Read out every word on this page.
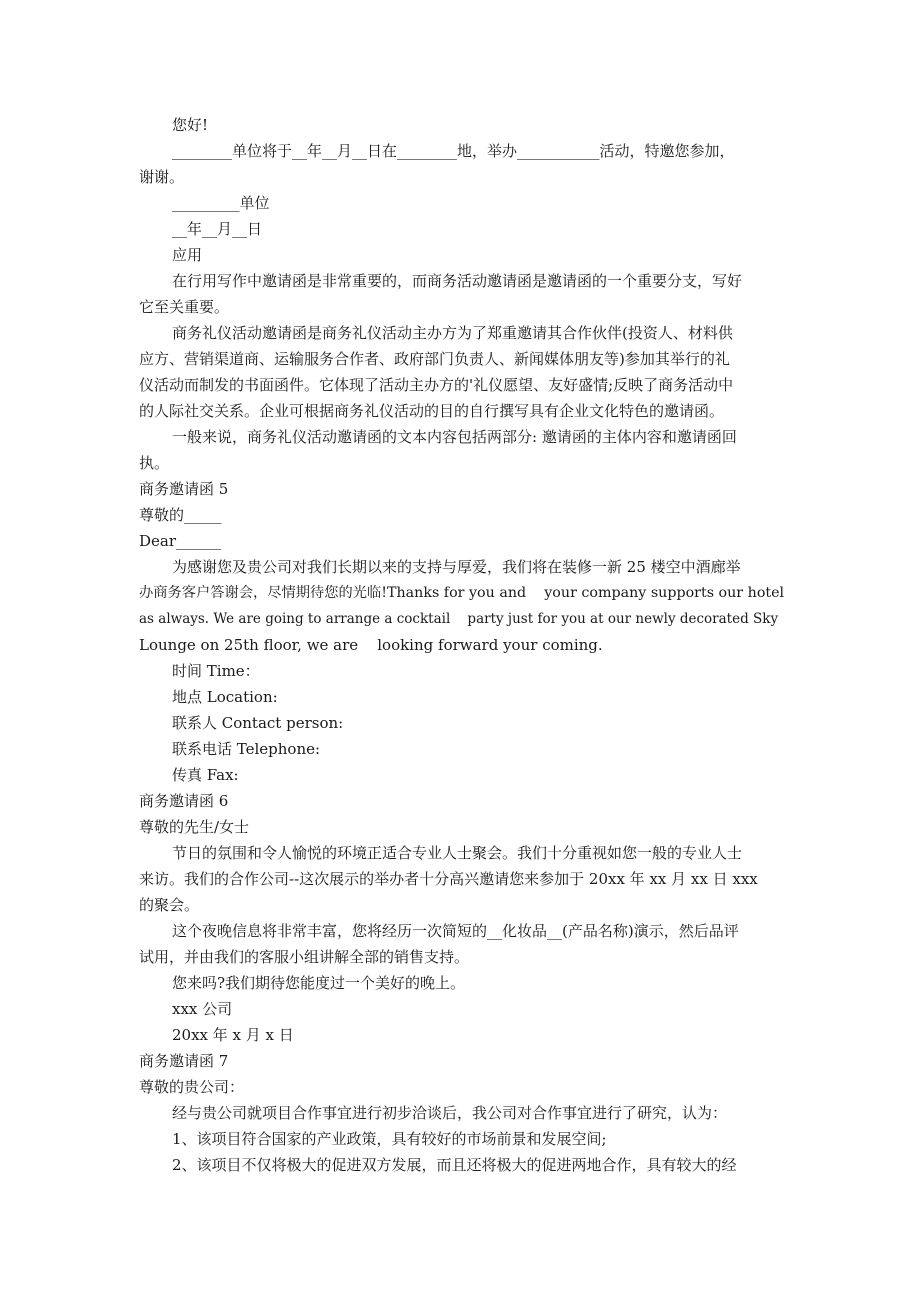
您好!
________单位将于__年__月__日在________地，举办___________活动，特邀您参加，
谢谢。
_________单位
__年__月__日
应用
在行用写作中邀请函是非常重要的，而商务活动邀请函是邀请函的一个重要分支，写好
它至关重要。
商务礼仪活动邀请函是商务礼仪活动主办方为了郑重邀请其合作伙伴(投资人、材料供
应方、营销渠道商、运输服务合作者、政府部门负责人、新闻媒体朋友等)参加其举行的礼
仪活动而制发的书面函件。它体现了活动主办方的'礼仪愿望、友好盛情;反映了商务活动中
的人际社交关系。企业可根据商务礼仪活动的目的自行撰写具有企业文化特色的邀请函。
一般来说，商务礼仪活动邀请函的文本内容包括两部分: 邀请函的主体内容和邀请函回
执。
商务邀请函 5
尊敬的_____
Dear______
为感谢您及贵公司对我们长期以来的支持与厚爱，我们将在装修一新 25 楼空中酒廊举
办商务客户答谢会，尽情期待您的光临!Thanks for you and    your company supports our hotel
as always. We are going to arrange a cocktail    party just for you at our newly decorated Sky
Lounge on 25th floor, we are    looking forward your coming.
时间 Time：
地点 Location:
联系人 Contact person:
联系电话 Telephone:
传真 Fax:
商务邀请函 6
尊敬的先生/女士
节日的氛围和令人愉悦的环境正适合专业人士聚会。我们十分重视如您一般的专业人士
来访。我们的合作公司--这次展示的举办者十分高兴邀请您来参加于 20xx 年 xx 月 xx 日 xxx
的聚会。
这个夜晚信息将非常丰富，您将经历一次简短的__化妆品__(产品名称)演示，然后品评
试用，并由我们的客服小组讲解全部的销售支持。
您来吗?我们期待您能度过一个美好的晚上。
xxx 公司
20xx 年 x 月 x 日
商务邀请函 7
尊敬的贵公司：
经与贵公司就项目合作事宜进行初步洽谈后，我公司对合作事宜进行了研究，认为：
1、该项目符合国家的产业政策，具有较好的市场前景和发展空间;
2、该项目不仅将极大的促进双方发展，而且还将极大的促进两地合作，具有较大的经
